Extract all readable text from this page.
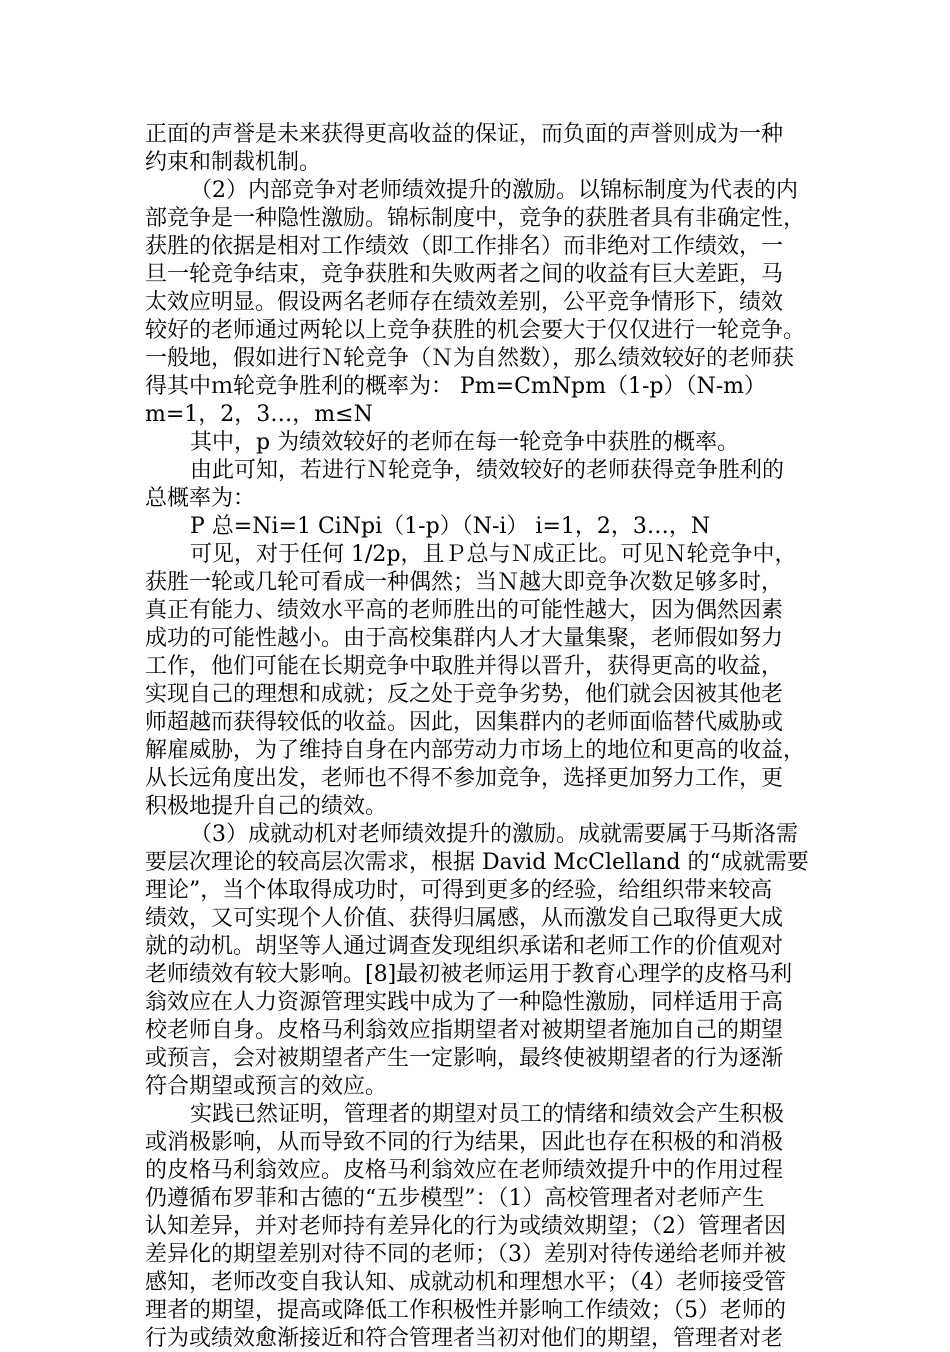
正面的声誉是未来获得更高收益的保证，而负面的声誉则成为一种
约束和制裁机制。
（2）内部竞争对老师绩效提升的激励。以锦标制度为代表的内
部竞争是一种隐性激励。锦标制度中，竞争的获胜者具有非确定性，
获胜的依据是相对工作绩效（即工作排名）而非绝对工作绩效，一
旦一轮竞争结束，竞争获胜和失败两者之间的收益有巨大差距，马
太效应明显。假设两名老师存在绩效差别，公平竞争情形下，绩效
较好的老师通过两轮以上竞争获胜的机会要大于仅仅进行一轮竞争。
一般地，假如进行Ｎ轮竞争（Ｎ为自然数），那么绩效较好的老师获
得其中ｍ轮竞争胜利的概率为： Pm=CmNpm（1-p）（N-m）
m=1，2，3…，m≤N
其中，p 为绩效较好的老师在每一轮竞争中获胜的概率。
由此可知，若进行Ｎ轮竞争，绩效较好的老师获得竞争胜利的
总概率为：
P 总=Ni=1 CiNpi（1-p）（N-i） i=1，2，3…，N
可见，对于任何 1/2p，且Ｐ总与Ｎ成正比。可见Ｎ轮竞争中，
获胜一轮或几轮可看成一种偶然；当Ｎ越大即竞争次数足够多时，
真正有能力、绩效水平高的老师胜出的可能性越大，因为偶然因素
成功的可能性越小。由于高校集群内人才大量集聚，老师假如努力
工作，他们可能在长期竞争中取胜并得以晋升，获得更高的收益，
实现自己的理想和成就；反之处于竞争劣势，他们就会因被其他老
师超越而获得较低的收益。因此，因集群内的老师面临替代威胁或
解雇威胁，为了维持自身在内部劳动力市场上的地位和更高的收益，
从长远角度出发，老师也不得不参加竞争，选择更加努力工作，更
积极地提升自己的绩效。
（3）成就动机对老师绩效提升的激励。成就需要属于马斯洛需
要层次理论的较高层次需求，根据 David McClelland 的“成就需要
理论”，当个体取得成功时，可得到更多的经验，给组织带来较高
绩效，又可实现个人价值、获得归属感，从而激发自己取得更大成
就的动机。胡坚等人通过调查发现组织承诺和老师工作的价值观对
老师绩效有较大影响。[8]最初被老师运用于教育心理学的皮格马利
翁效应在人力资源管理实践中成为了一种隐性激励，同样适用于高
校老师自身。皮格马利翁效应指期望者对被期望者施加自己的期望
或预言，会对被期望者产生一定影响，最终使被期望者的行为逐渐
符合期望或预言的效应。
实践已然证明，管理者的期望对员工的情绪和绩效会产生积极
或消极影响，从而导致不同的行为结果，因此也存在积极的和消极
的皮格马利翁效应。皮格马利翁效应在老师绩效提升中的作用过程
仍遵循布罗菲和古德的“五步模型”：（1）高校管理者对老师产生
认知差异，并对老师持有差异化的行为或绩效期望；（2）管理者因
差异化的期望差别对待不同的老师；（3）差别对待传递给老师并被
感知，老师改变自我认知、成就动机和理想水平；（4）老师接受管
理者的期望，提高或降低工作积极性并影响工作绩效；（5）老师的
行为或绩效愈渐接近和符合管理者当初对他们的期望，管理者对老
